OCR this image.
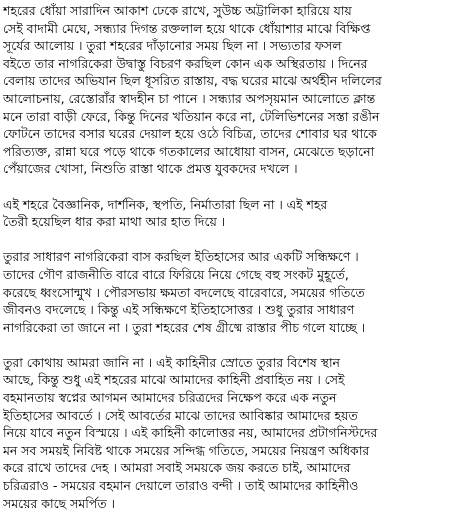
শহরের ধোঁয়া সারাদিন আকাশ ঢেকে রাখে, সুউচ্চ অট্টালিকা হারিয়ে যায়
সেই বাদামী মেঘে, সন্ধ্যার দিগন্ত রক্তলাল হয়ে থাকে ধোঁয়াশার মাঝে বিক্ষিপ্ত
সূর্যের আলোয় । তুরা শহরের দাঁড়ানোর সময় ছিল না । সভ্যতার ফসল
বইতে তার নাগরিকেরা উদ্বাস্তু বিচরণ করছিল কোন এক অস্থিরতায় । দিনের
বেলায় তাদের অভিযান ছিল ধূসরিত রাস্তায়, বদ্ধ ঘরের মাঝে অর্থহীন দলিলের
আলোচনায়, রেস্তোরাঁর স্বাদহীন চা পানে । সন্ধ্যার অপসৃয়মান আলোতে ক্লান্ত
মনে তারা বাড়ী ফেরে, কিন্তু দিনের খতিয়ান করে না, টেলিভিশনের সস্তা রঙীন
ফোটনে তাদের বসার ঘরের দেয়াল হয়ে ওঠে বিচিত্র, তাদের শোবার ঘর থাকে
পরিত্যক্ত, রান্না ঘরে পড়ে থাকে গতকালের আধোয়া বাসন, মেঝেতে ছড়ানো
পেঁয়াজের খোসা, নিশুতি রাস্তা থাকে প্রমত্ত যুবকদের দখলে ।
এই শহরে বৈজ্ঞানিক, দার্শনিক, স্থপতি, নির্মাতারা ছিল না । এই শহর
তৈরী হয়েছিল ধার করা মাথা আর হাত দিয়ে ।
তুরার সাধারণ নাগরিকেরা বাস করছিল ইতিহাসের আর একটি সন্ধিক্ষণে ।
তাদের গৌণ রাজনীতি বারে বারে ফিরিয়ে নিয়ে গেছে বহু সংকট মুহূর্তে,
করেছে ধ্বংসোন্মুখ । পৌরসভায় ক্ষমতা বদলেছে বারেবারে, সময়ের গতিতে
জীবনও বদলেছে । কিন্তু এই সন্ধিক্ষণে ইতিহাসোত্তর । শুধু তুরার সাধারণ
নাগরিকেরা তা জানে না । তুরা শহরের শেষ গ্রীষ্মে রাস্তার পীচ গলে যাচ্ছে ।
তুরা কোথায় আমরা জানি না । এই কাহিনীর স্রোতে তুরার বিশেষ স্থান
আছে, কিন্তু শুধু এই শহরের মাঝে আমাদের কাহিনী প্রবাহিত নয় । সেই
বহমানতায় স্বপ্নের আগমন আমাদের চরিত্রদের নিক্ষেপ করে এক নতুন
ইতিহাসের আবর্তে । সেই আবর্তের মাঝে তাদের আবিষ্কার আমাদের হয়ত
নিয়ে যাবে নতুন বিস্ময়ে । এই কাহিনী কালোত্তর নয়, আমাদের প্রটাগনিস্টদের
মন সব সময়ই নিবিষ্ট থাকে সময়ের সন্দিগ্ধ গতিতে, সময়ের নিয়ন্ত্রণ অধিকার
করে রাখে তাদের দেহ । আমরা সবাই সময়কে জয় করতে চাই, আমাদের
চরিত্ররাও - সময়ের বহমান দেয়ালে তারাও বন্দী । তাই আমাদের কাহিনীও
সময়ের কাছে সমর্পিত ।
